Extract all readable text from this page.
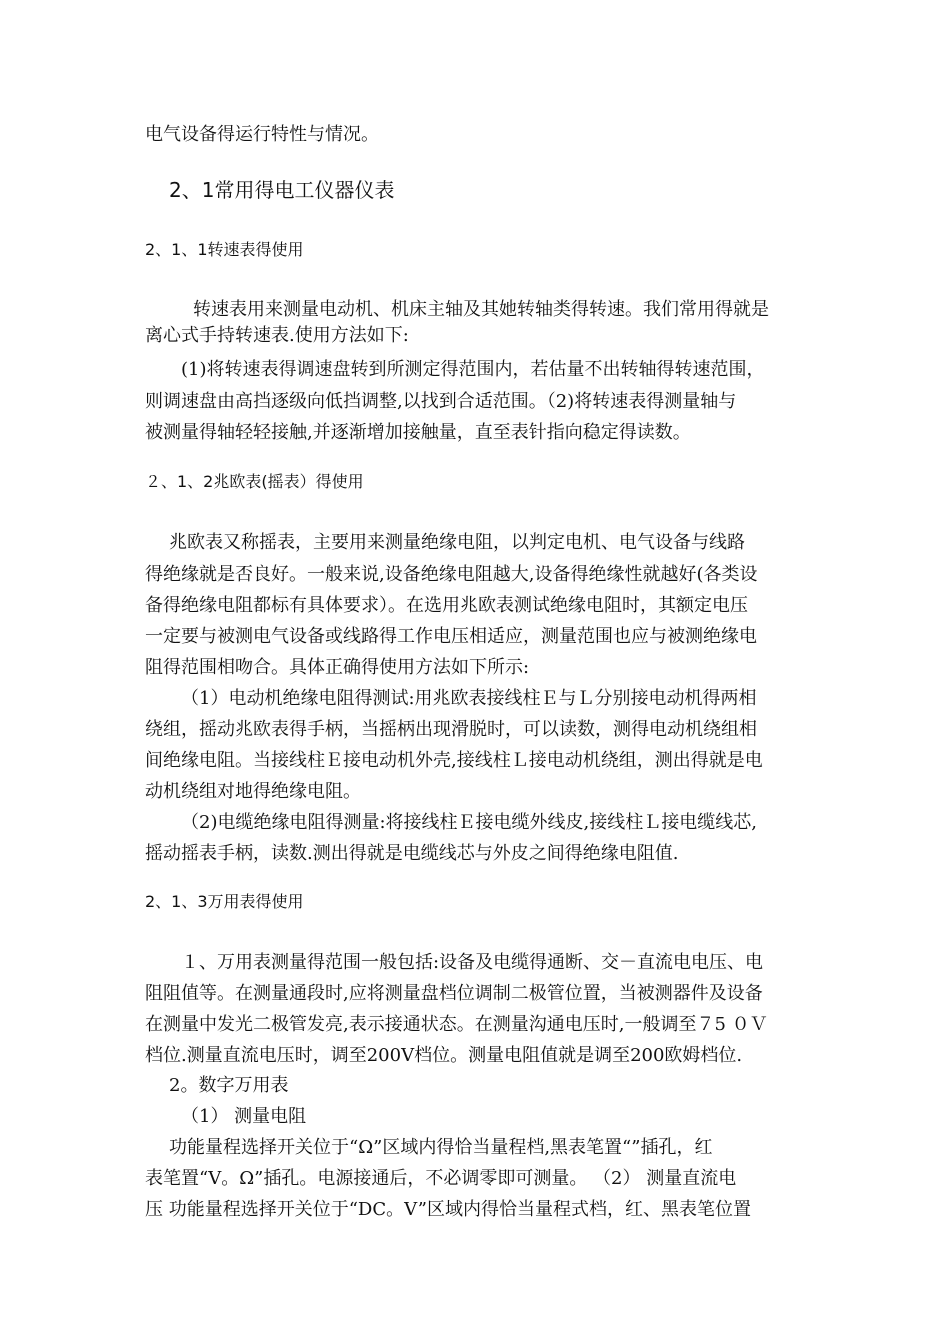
电气设备得运行特性与情况。
2、1常用得电工仪器仪表
2、1、1转速表得使用
转速表用来测量电动机、机床主轴及其她转轴类得转速。我们常用得就是
离心式手持转速表.使用方法如下:
(1)将转速表得调速盘转到所测定得范围内，若估量不出转轴得转速范围，
则调速盘由高挡逐级向低挡调整,以找到合适范围。（2)将转速表得测量轴与
被测量得轴轻轻接触,并逐渐增加接触量，直至表针指向稳定得读数。
２、1、2兆欧表(摇表）得使用
兆欧表又称摇表，主要用来测量绝缘电阻，以判定电机、电气设备与线路
得绝缘就是否良好。一般来说,设备绝缘电阻越大,设备得绝缘性就越好(各类设
备得绝缘电阻都标有具体要求）。在选用兆欧表测试绝缘电阻时，其额定电压
一定要与被测电气设备或线路得工作电压相适应，测量范围也应与被测绝缘电
阻得范围相吻合。具体正确得使用方法如下所示:
（1）电动机绝缘电阻得测试:用兆欧表接线柱Ｅ与Ｌ分别接电动机得两相
绕组，摇动兆欧表得手柄，当摇柄出现滑脱时，可以读数，测得电动机绕组相
间绝缘电阻。当接线柱Ｅ接电动机外壳,接线柱Ｌ接电动机绕组，测出得就是电
动机绕组对地得绝缘电阻。
（2)电缆绝缘电阻得测量:将接线柱Ｅ接电缆外线皮,接线柱Ｌ接电缆线芯,
摇动摇表手柄，读数.测出得就是电缆线芯与外皮之间得绝缘电阻值.
2、1、3万用表得使用
１、万用表测量得范围一般包括:设备及电缆得通断、交－直流电电压、电
阻阻值等。在测量通段时,应将测量盘档位调制二极管位置，当被测器件及设备
在测量中发光二极管发亮,表示接通状态。在测量沟通电压时,一般调至７5 ０Ｖ
档位.测量直流电压时，调至200V档位。测量电阻值就是调至200欧姆档位.
2。数字万用表
（1） 测量电阻
功能量程选择开关位于“Ω”区域内得恰当量程档,黑表笔置“”插孔，红
表笔置“V。Ω”插孔。电源接通后，不必调零即可测量。 （2） 测量直流电
压 功能量程选择开关位于“DC。V”区域内得恰当量程式档，红、黑表笔位置
